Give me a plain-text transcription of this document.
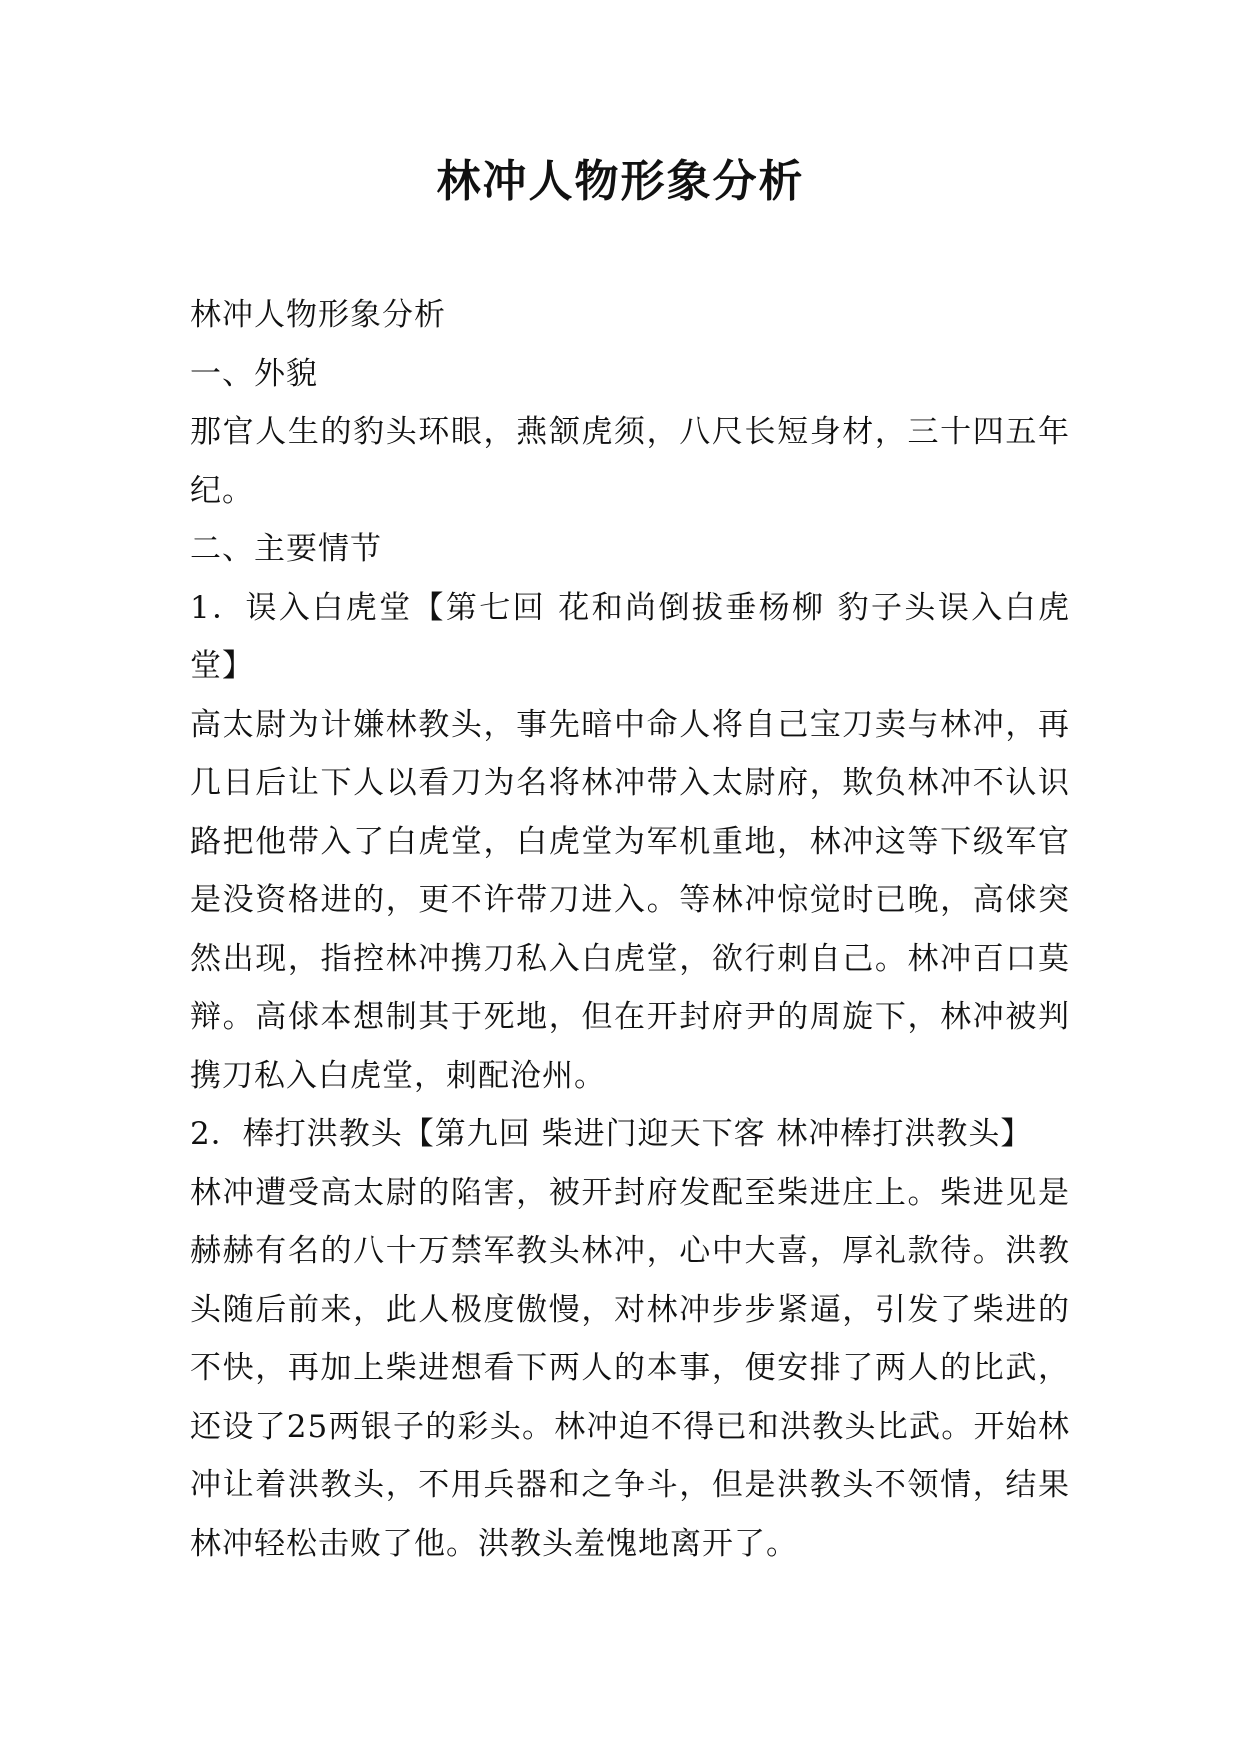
林冲人物形象分析

林冲人物形象分析

一、外貌

那官人生的豹头环眼，燕颔虎须，八尺长短身材，三十四五年纪。

二、主要情节

1．误入白虎堂【第七回 花和尚倒拔垂杨柳 豹子头误入白虎堂】

高太尉为计嫌林教头，事先暗中命人将自己宝刀卖与林冲，再几日后让下人以看刀为名将林冲带入太尉府，欺负林冲不认识路把他带入了白虎堂，白虎堂为军机重地，林冲这等下级军官是没资格进的，更不许带刀进入。等林冲惊觉时已晚，高俅突然出现，指控林冲携刀私入白虎堂，欲行刺自己。林冲百口莫辩。高俅本想制其于死地，但在开封府尹的周旋下，林冲被判携刀私入白虎堂，刺配沧州。

2．棒打洪教头【第九回 柴进门迎天下客 林冲棒打洪教头】

林冲遭受高太尉的陷害，被开封府发配至柴进庄上。柴进见是赫赫有名的八十万禁军教头林冲，心中大喜，厚礼款待。洪教头随后前来，此人极度傲慢，对林冲步步紧逼，引发了柴进的不快，再加上柴进想看下两人的本事，便安排了两人的比武，还设了25两银子的彩头。林冲迫不得已和洪教头比武。开始林冲让着洪教头，不用兵器和之争斗，但是洪教头不领情，结果林冲轻松击败了他。洪教头羞愧地离开了。
